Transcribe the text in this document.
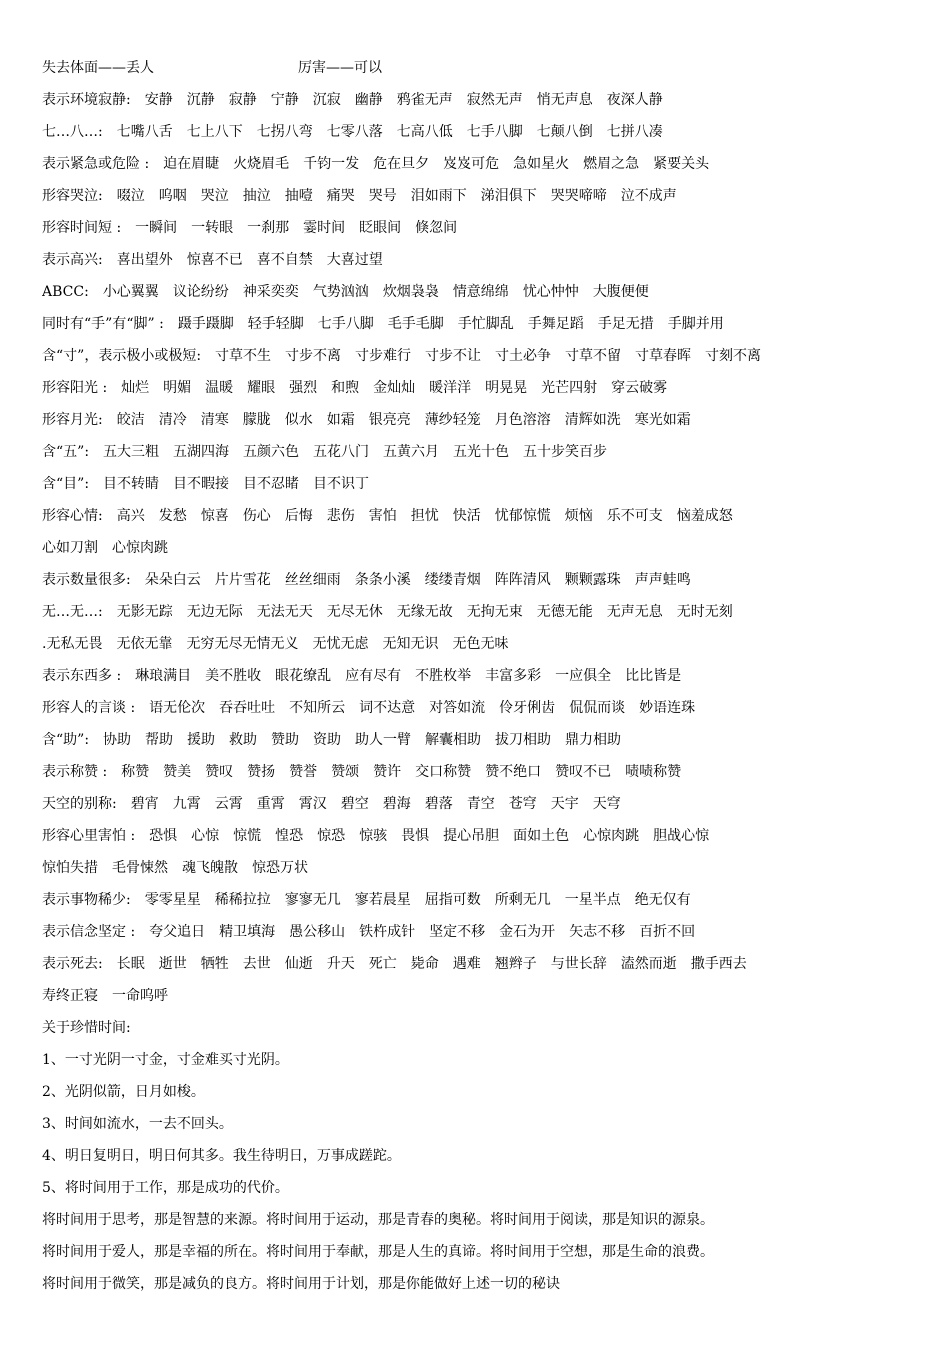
失去体面——丢人	厉害——可以
表示环境寂静: 安静 沉静 寂静 宁静 沉寂 幽静 鸦雀无声 寂然无声 悄无声息 夜深人静
七…八…: 七嘴八舌 七上八下 七拐八弯 七零八落 七高八低 七手八脚 七颠八倒 七拼八凑
表示紧急或危险 : 迫在眉睫 火烧眉毛 千钧一发 危在旦夕 岌岌可危 急如星火 燃眉之急 紧要关头
形容哭泣: 啜泣 呜咽 哭泣 抽泣 抽噎 痛哭 哭号 泪如雨下 涕泪俱下 哭哭啼啼 泣不成声
形容时间短 : 一瞬间 一转眼 一刹那 霎时间 眨眼间 倏忽间
表示高兴: 喜出望外 惊喜不已 喜不自禁 大喜过望
ABCC: 小心翼翼 议论纷纷 神采奕奕 气势汹汹 炊烟袅袅 情意绵绵 忧心忡忡 大腹便便
同时有“手”有“脚” : 蹑手蹑脚 轻手轻脚 七手八脚 毛手毛脚 手忙脚乱 手舞足蹈 手足无措 手脚并用
含“寸”，表示极小或极短: 寸草不生 寸步不离 寸步难行 寸步不让 寸土必争 寸草不留 寸草春晖 寸刻不离
形容阳光 : 灿烂 明媚 温暖 耀眼 强烈 和煦 金灿灿 暖洋洋 明晃晃 光芒四射 穿云破雾
形容月光: 皎洁 清冷 清寒 朦胧 似水 如霜 银亮亮 薄纱轻笼 月色溶溶 清辉如洗 寒光如霜
含“五”: 五大三粗 五湖四海 五颜六色 五花八门 五黄六月 五光十色 五十步笑百步
含“目”: 目不转睛 目不暇接 目不忍睹 目不识丁
形容心情: 高兴 发愁 惊喜 伤心 后悔 悲伤 害怕 担忧 快活 忧郁惊慌 烦恼 乐不可支 恼羞成怒
心如刀割 心惊肉跳
表示数量很多: 朵朵白云 片片雪花 丝丝细雨 条条小溪 缕缕青烟 阵阵清风 颗颗露珠 声声蛙鸣
无…无…: 无影无踪 无边无际 无法无天 无尽无休 无缘无故 无拘无束 无德无能 无声无息 无时无刻
.无私无畏 无依无靠 无穷无尽无情无义 无忧无虑 无知无识 无色无味
表示东西多 : 琳琅满目 美不胜收 眼花缭乱 应有尽有 不胜枚举 丰富多彩 一应俱全 比比皆是
形容人的言谈 : 语无伦次 吞吞吐吐 不知所云 词不达意 对答如流 伶牙俐齿 侃侃而谈 妙语连珠
含“助”: 协助 帮助 援助 救助 赞助 资助 助人一臂 解囊相助 拔刀相助 鼎力相助
表示称赞 : 称赞 赞美 赞叹 赞扬 赞誉 赞颂 赞许 交口称赞 赞不绝口 赞叹不已 啧啧称赞
天空的别称: 碧宵 九霄 云霄 重霄 霄汉 碧空 碧海 碧落 青空 苍穹 天宇 天穹
形容心里害怕 : 恐惧 心惊 惊慌 惶恐 惊恐 惊骇 畏惧 提心吊胆 面如土色 心惊肉跳 胆战心惊
惊怕失措 毛骨悚然 魂飞魄散 惊恐万状
表示事物稀少: 零零星星 稀稀拉拉 寥寥无几 寥若晨星 屈指可数 所剩无几 一星半点 绝无仅有
表示信念坚定 : 夸父追日 精卫填海 愚公移山 铁杵成针 坚定不移 金石为开 矢志不移 百折不回
表示死去: 长眠 逝世 牺牲 去世 仙逝 升天 死亡 毙命 遇难 翘辫子 与世长辞 溘然而逝 撒手西去
寿终正寝 一命呜呼
关于珍惜时间:
1、一寸光阴一寸金，寸金难买寸光阴。
2、光阴似箭，日月如梭。
3、时间如流水，一去不回头。
4、明日复明日，明日何其多。我生待明日，万事成蹉跎。
5、将时间用于工作，那是成功的代价。
将时间用于思考，那是智慧的来源。将时间用于运动，那是青春的奥秘。将时间用于阅读，那是知识的源泉。
将时间用于爱人，那是幸福的所在。将时间用于奉献，那是人生的真谛。将时间用于空想，那是生命的浪费。
将时间用于微笑，那是减负的良方。将时间用于计划，那是你能做好上述一切的秘诀
